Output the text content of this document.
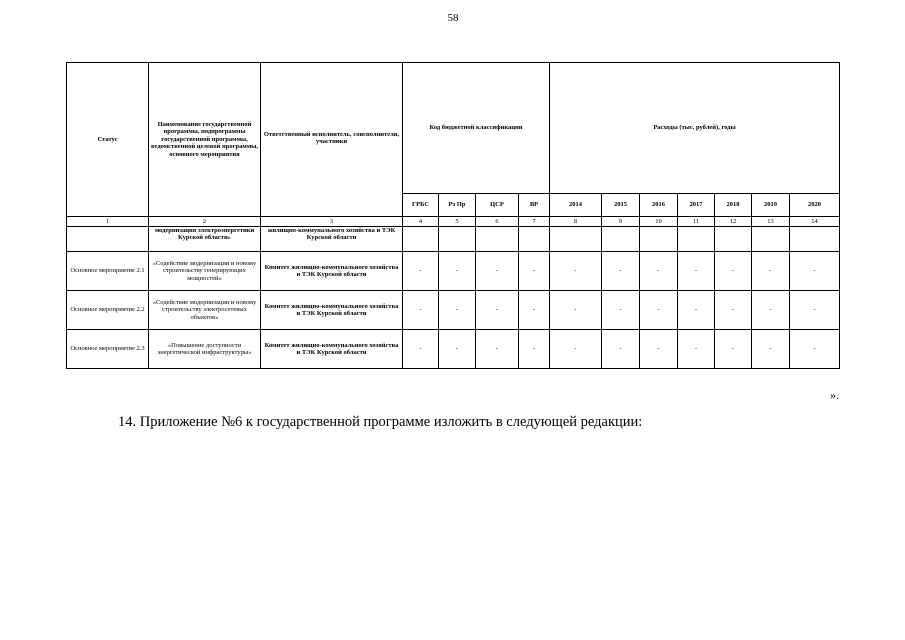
58
Статус	Наименование государственной программы, подпрограммы государственной программы, ведомственной целевой программы, основного мероприятия	Ответственный исполнитель, соисполнители, участники	Код бюджетной классификации				Расходы (тыс. рублей), годы						
			ГРБС	Рз Пр	ЦСР	ВР	2014	2015	2016	2017	2018	2019	2020
1	2	3	4	5	6	7	8	9	10	11	12	13	14
	модернизация электроэнергетики Курской области»	жилищно-коммунального хозяйства и ТЭК Курской области											
Основное мероприятие 2.1	«Содействие модернизации и новому строительству генерирующих мощностей»	Комитет жилищно-коммунального хозяйства и ТЭК Курской области	-	-	-	-	-	-	-	-	-	-	-
Основное мероприятие 2.2	«Содействие модернизации и новому строительству электросетевых объектов»	Комитет жилищно-коммунального хозяйства и ТЭК Курской области	-	-	-	-	-	-	-	-	-	-	-
Основное мероприятие 2.3	«Повышение доступности энергетической инфраструктуры»	Комитет жилищно-коммунального хозяйства и ТЭК Курской области	-	-	-	-	-	-	-	-	-	-	-
».
14. Приложение №6 к государственной программе изложить в следующей редакции:
